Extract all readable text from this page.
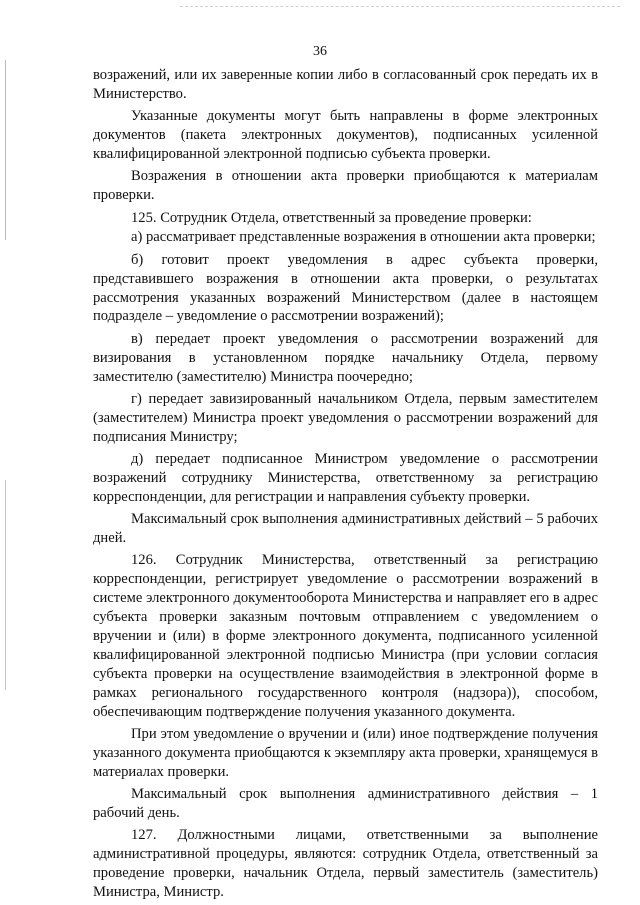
36

возражений, или их заверенные копии либо в согласованный срок передать их в Министерство.

Указанные документы могут быть направлены в форме электронных документов (пакета электронных документов), подписанных усиленной квалифицированной электронной подписью субъекта проверки.

Возражения в отношении акта проверки приобщаются к материалам проверки.

125. Сотрудник Отдела, ответственный за проведение проверки:

а) рассматривает представленные возражения в отношении акта проверки;

б) готовит проект уведомления в адрес субъекта проверки, представившего возражения в отношении акта проверки, о результатах рассмотрения указанных возражений Министерством (далее в настоящем подразделе – уведомление о рассмотрении возражений);

в) передает проект уведомления о рассмотрении возражений для визирования в установленном порядке начальнику Отдела, первому заместителю (заместителю) Министра поочередно;

г) передает завизированный начальником Отдела, первым заместителем (заместителем) Министра проект уведомления о рассмотрении возражений для подписания Министру;

д) передает подписанное Министром уведомление о рассмотрении возражений сотруднику Министерства, ответственному за регистрацию корреспонденции, для регистрации и направления субъекту проверки.

Максимальный срок выполнения административных действий – 5 рабочих дней.

126. Сотрудник Министерства, ответственный за регистрацию корреспонденции, регистрирует уведомление о рассмотрении возражений в системе электронного документооборота Министерства и направляет его в адрес субъекта проверки заказным почтовым отправлением с уведомлением о вручении и (или) в форме электронного документа, подписанного усиленной квалифицированной электронной подписью Министра (при условии согласия субъекта проверки на осуществление взаимодействия в электронной форме в рамках регионального государственного контроля (надзора)), способом, обеспечивающим подтверждение получения указанного документа.

При этом уведомление о вручении и (или) иное подтверждение получения указанного документа приобщаются к экземпляру акта проверки, хранящемуся в материалах проверки.

Максимальный срок выполнения административного действия – 1 рабочий день.

127. Должностными лицами, ответственными за выполнение административной процедуры, являются: сотрудник Отдела, ответственный за проведение проверки, начальник Отдела, первый заместитель (заместитель) Министра, Министр.
